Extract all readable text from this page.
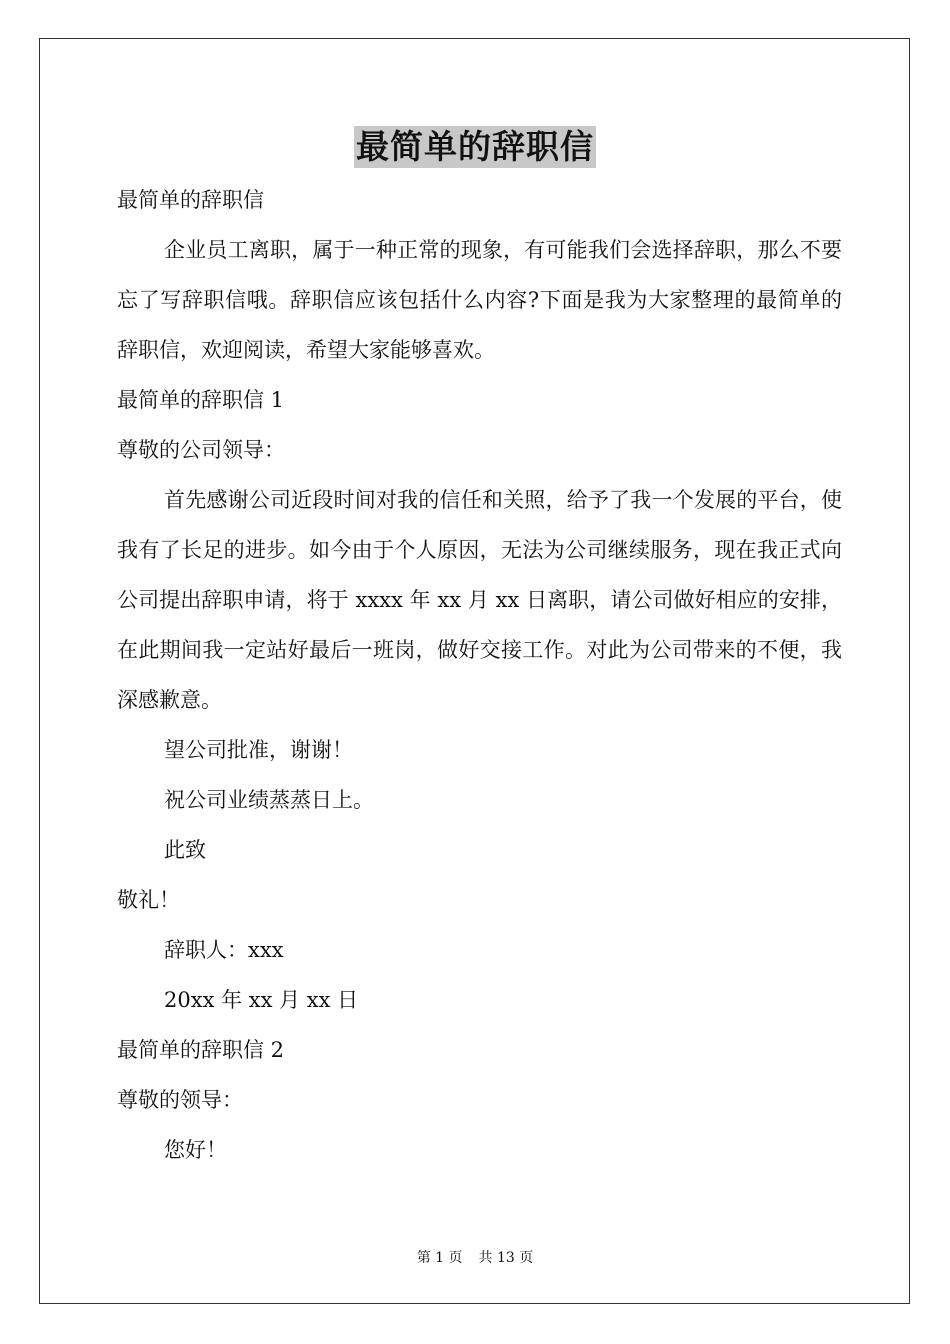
最简单的辞职信

最简单的辞职信

企业员工离职，属于一种正常的现象，有可能我们会选择辞职，那么不要忘了写辞职信哦。辞职信应该包括什么内容?下面是我为大家整理的最简单的辞职信，欢迎阅读，希望大家能够喜欢。

最简单的辞职信 1

尊敬的公司领导：

首先感谢公司近段时间对我的信任和关照，给予了我一个发展的平台，使我有了长足的进步。如今由于个人原因，无法为公司继续服务，现在我正式向公司提出辞职申请，将于 xxxx 年 xx 月 xx 日离职，请公司做好相应的安排，在此期间我一定站好最后一班岗，做好交接工作。对此为公司带来的不便，我深感歉意。

望公司批准，谢谢！

祝公司业绩蒸蒸日上。

此致

敬礼！

辞职人：xxx

20xx 年 xx 月 xx 日

最简单的辞职信 2

尊敬的领导：

您好！

第 1 页 共 13 页
